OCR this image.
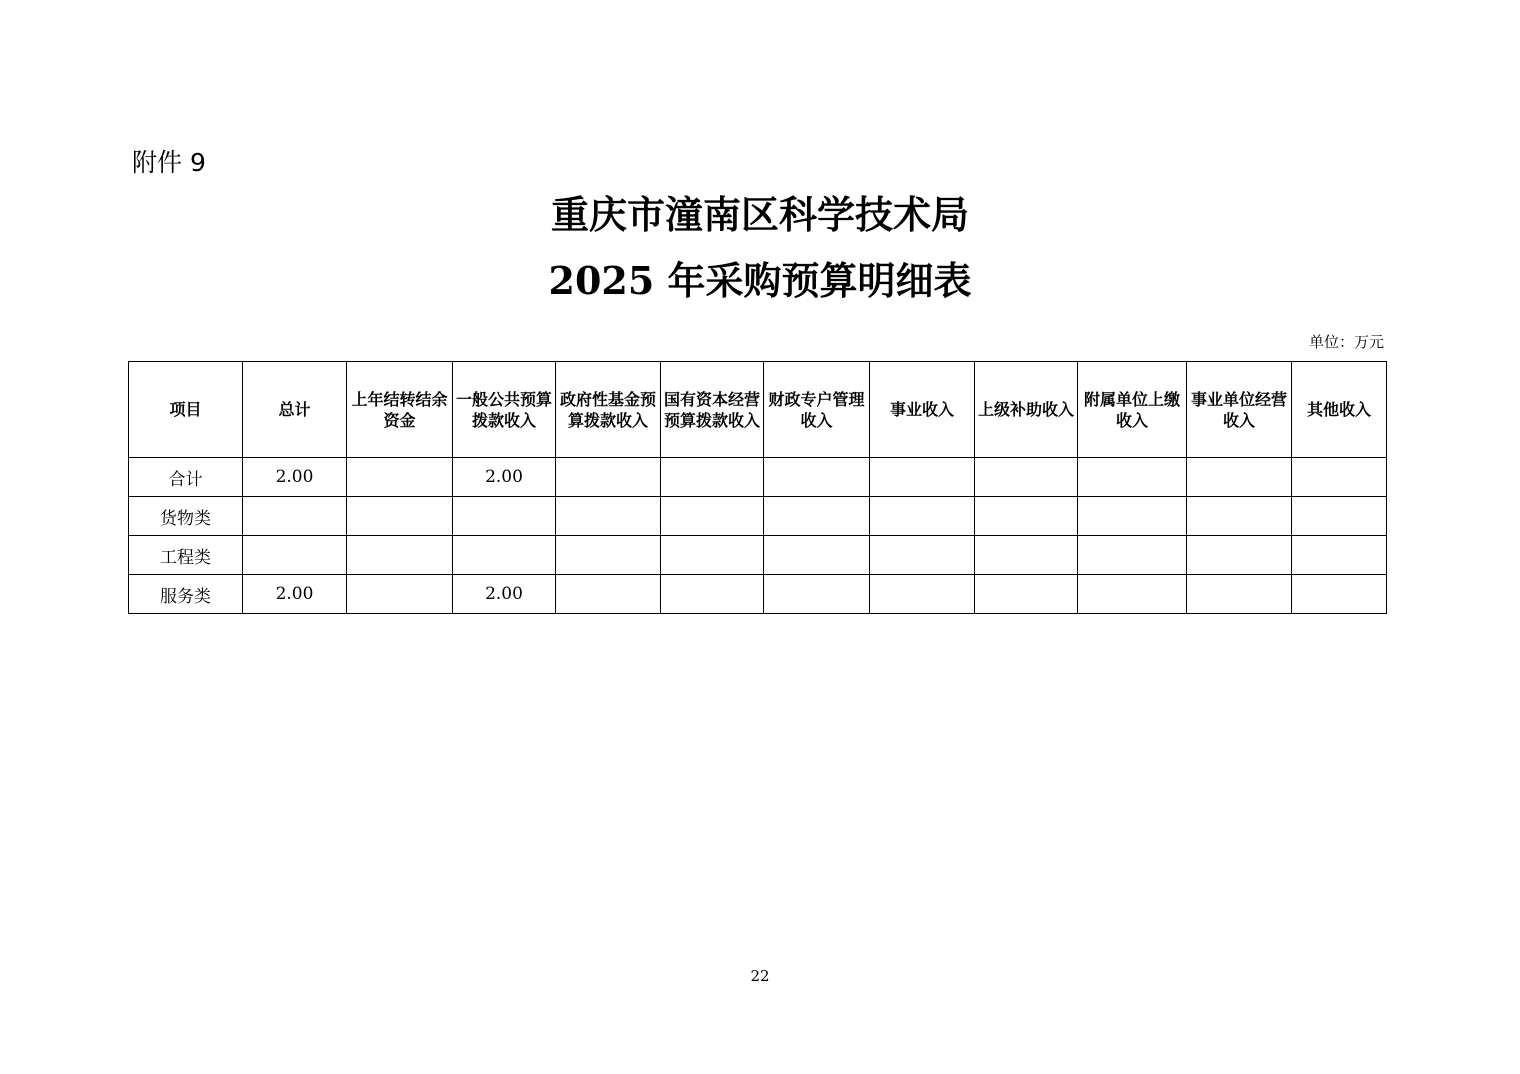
附件 9

重庆市潼南区科学技术局
2025 年采购预算明细表
单位：万元
项目	总计	上年结转结余资金	一般公共预算拨款收入	政府性基金预算拨款收入	国有资本经营预算拨款收入	财政专户管理收入	事业收入	上级补助收入	附属单位上缴收入	事业单位经营收入	其他收入
合计	2.00		2.00								
货物类											
工程类											
服务类	2.00		2.00								
22
